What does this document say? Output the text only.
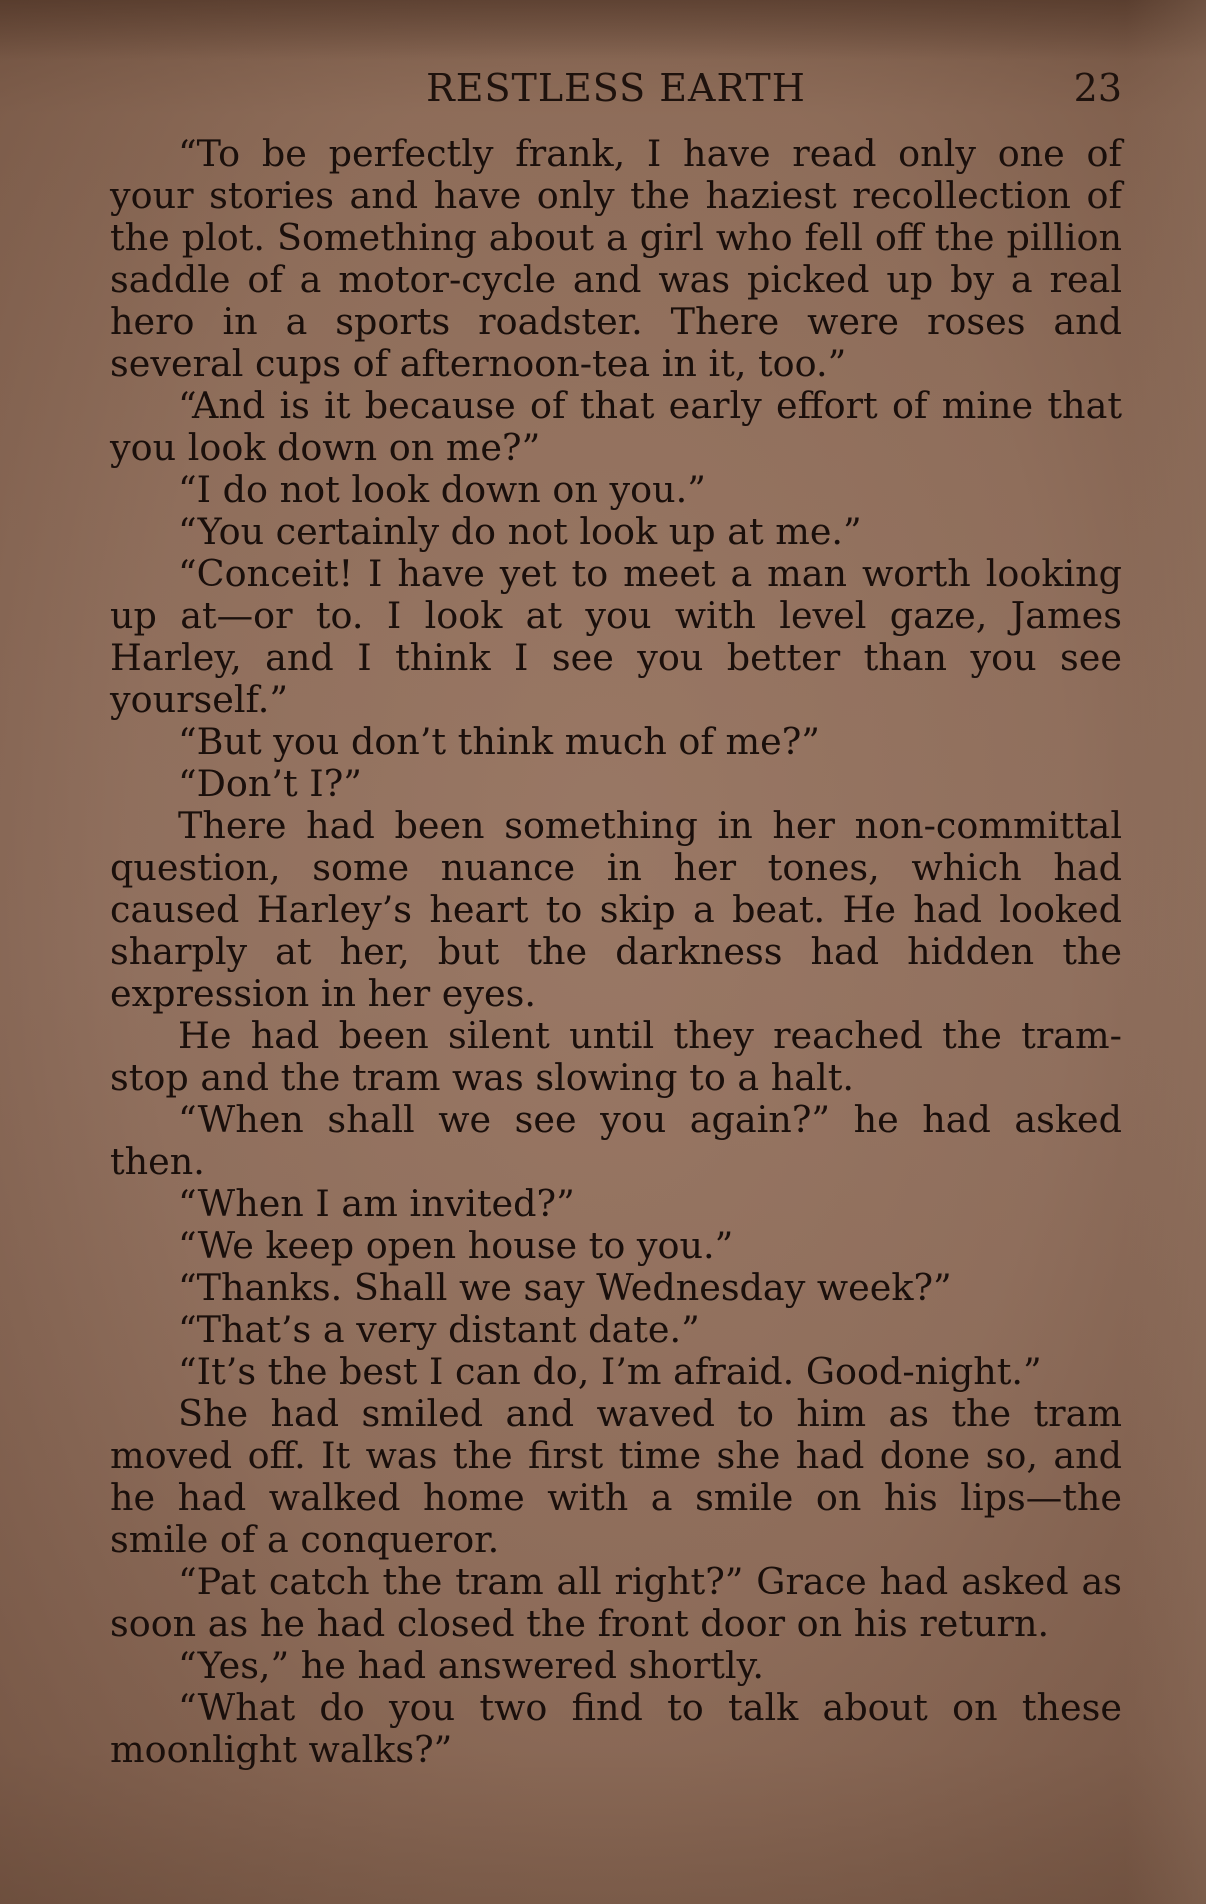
RESTLESS EARTH	23

“To be perfectly frank, I have read only one of your stories and have only the haziest recollection of the plot. Something about a girl who fell off the pillion saddle of a motor-cycle and was picked up by a real hero in a sports roadster. There were roses and several cups of afternoon-tea in it, too.”

“And is it because of that early effort of mine that you look down on me?”

“I do not look down on you.”

“You certainly do not look up at me.”

“Conceit! I have yet to meet a man worth looking up at—or to. I look at you with level gaze, James Harley, and I think I see you better than you see yourself.”

“But you don’t think much of me?”

“Don’t I?”

There had been something in her non-committal question, some nuance in her tones, which had caused Harley’s heart to skip a beat. He had looked sharply at her, but the darkness had hidden the expression in her eyes.

He had been silent until they reached the tram-stop and the tram was slowing to a halt.

“When shall we see you again?” he had asked then.

“When I am invited?”

“We keep open house to you.”

“Thanks. Shall we say Wednesday week?”

“That’s a very distant date.”

“It’s the best I can do, I’m afraid. Good-night.”

She had smiled and waved to him as the tram moved off. It was the first time she had done so, and he had walked home with a smile on his lips—the smile of a conqueror.

“Pat catch the tram all right?” Grace had asked as soon as he had closed the front door on his return.

“Yes,” he had answered shortly.

“What do you two find to talk about on these moonlight walks?”
